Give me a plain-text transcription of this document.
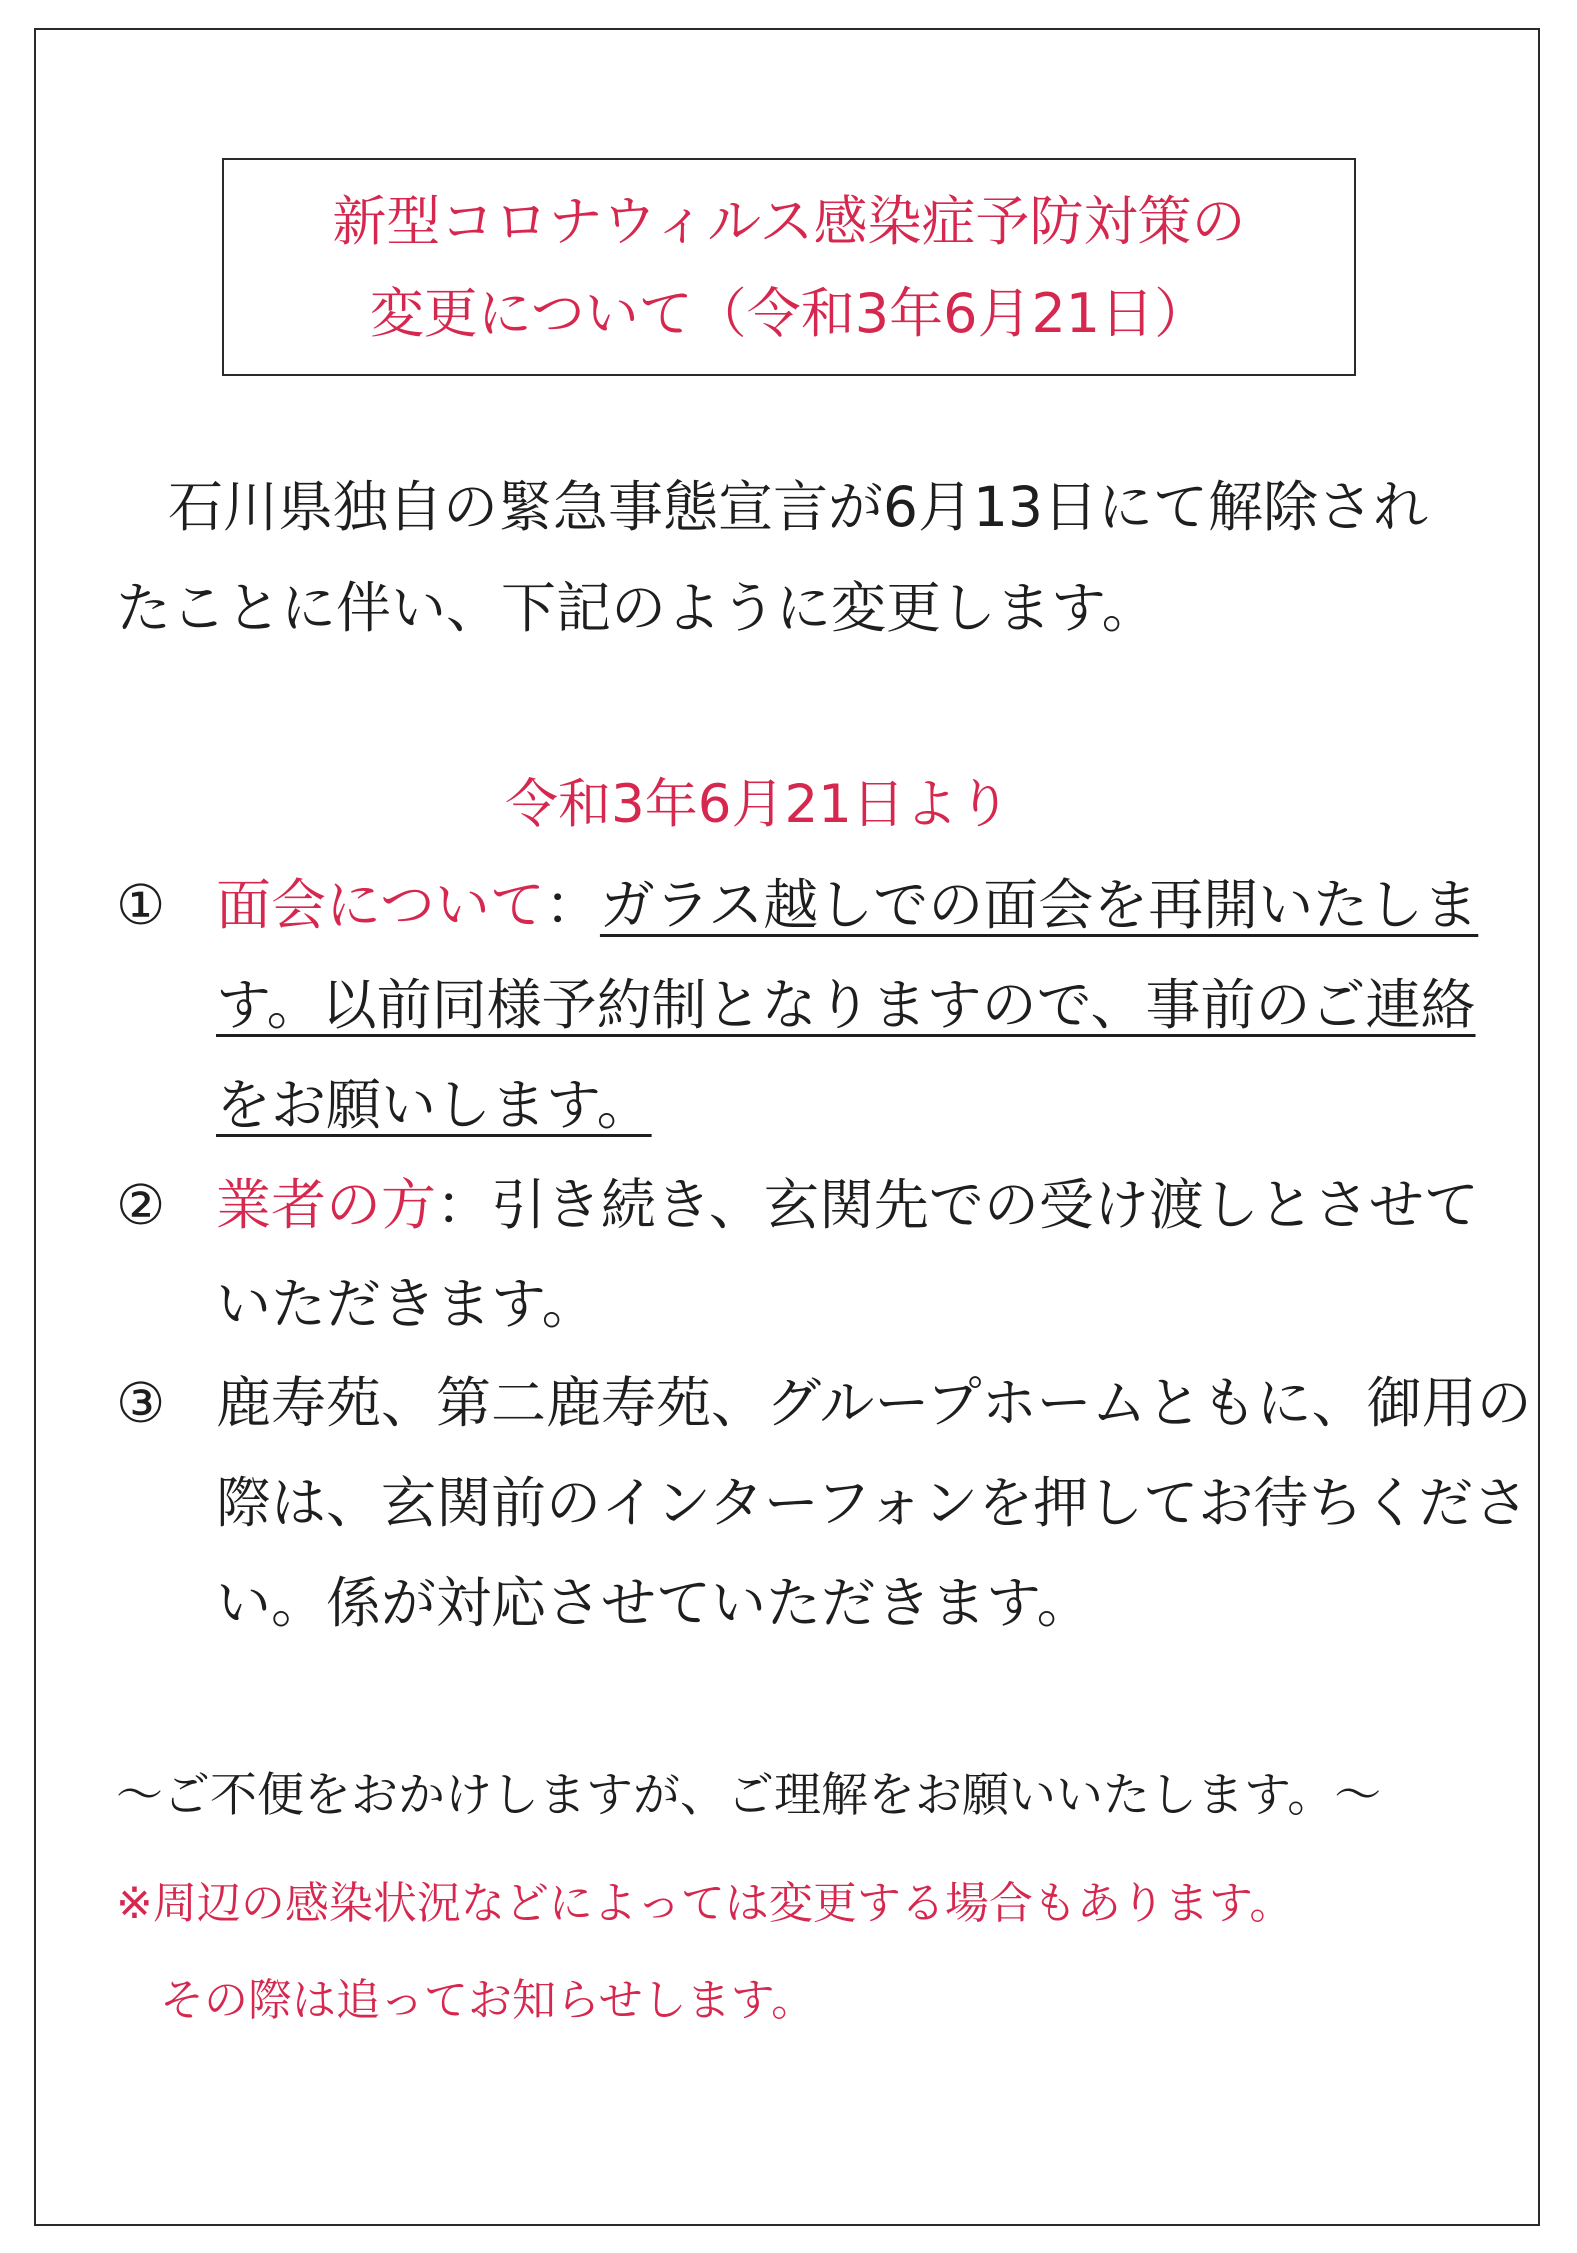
新型コロナウィルス感染症予防対策の
変更について（令和3年6月21日）
石川県独自の緊急事態宣言が6月13日にて解除され
たことに伴い、下記のように変更します。
令和3年6月21日より
① 面会について：ガラス越しでの面会を再開いたしま
す。以前同様予約制となりますので、事前のご連絡
をお願いします。
② 業者の方：引き続き、玄関先での受け渡しとさせて
いただきます。
③ 鹿寿苑、第二鹿寿苑、グループホームともに、御用の
際は、玄関前のインターフォンを押してお待ちくださ
い。係が対応させていただきます。
～ご不便をおかけしますが、ご理解をお願いいたします。～
※周辺の感染状況などによっては変更する場合もあります。
その際は追ってお知らせします。
